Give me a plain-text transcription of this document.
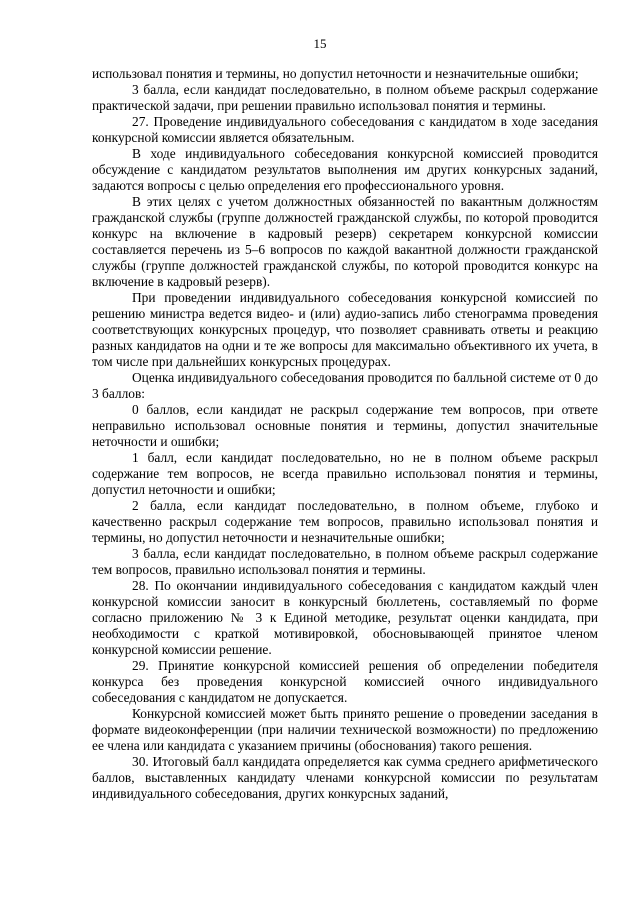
15

использовал понятия и термины, но допустил неточности и незначительные ошибки;

3 балла, если кандидат последовательно, в полном объеме раскрыл содержание практической задачи, при решении правильно использовал понятия и термины.

27. Проведение индивидуального собеседования с кандидатом в ходе заседания конкурсной комиссии является обязательным.

В ходе индивидуального собеседования конкурсной комиссией проводится обсуждение с кандидатом результатов выполнения им других конкурсных заданий, задаются вопросы с целью определения его профессионального уровня.

В этих целях с учетом должностных обязанностей по вакантным должностям гражданской службы (группе должностей гражданской службы, по которой проводится конкурс на включение в кадровый резерв) секретарем конкурсной комиссии составляется перечень из 5–6 вопросов по каждой вакантной должности гражданской службы (группе должностей гражданской службы, по которой проводится конкурс на включение в кадровый резерв).

При проведении индивидуального собеседования конкурсной комиссией по решению министра ведется видео- и (или) аудио-запись либо стенограмма проведения соответствующих конкурсных процедур, что позволяет сравнивать ответы и реакцию разных кандидатов на одни и те же вопросы для максимально объективного их учета, в том числе при дальнейших конкурсных процедурах.

Оценка индивидуального собеседования проводится по балльной системе от 0 до 3 баллов:

0 баллов, если кандидат не раскрыл содержание тем вопросов, при ответе неправильно использовал основные понятия и термины, допустил значительные неточности и ошибки;

1 балл, если кандидат последовательно, но не в полном объеме раскрыл содержание тем вопросов, не всегда правильно использовал понятия и термины, допустил неточности и ошибки;

2 балла, если кандидат последовательно, в полном объеме, глубоко и качественно раскрыл содержание тем вопросов, правильно использовал понятия и термины, но допустил неточности и незначительные ошибки;

3 балла, если кандидат последовательно, в полном объеме раскрыл содержание тем вопросов, правильно использовал понятия и термины.

28. По окончании индивидуального собеседования с кандидатом каждый член конкурсной комиссии заносит в конкурсный бюллетень, составляемый по форме согласно приложению № 3 к Единой методике, результат оценки кандидата, при необходимости с краткой мотивировкой, обосновывающей принятое членом конкурсной комиссии решение.

29. Принятие конкурсной комиссией решения об определении победителя конкурса без проведения конкурсной комиссией очного индивидуального собеседования с кандидатом не допускается.

Конкурсной комиссией может быть принято решение о проведении заседания в формате видеоконференции (при наличии технической возможности) по предложению ее члена или кандидата с указанием причины (обоснования) такого решения.

30. Итоговый балл кандидата определяется как сумма среднего арифметического баллов, выставленных кандидату членами конкурсной комиссии по результатам индивидуального собеседования, других конкурсных заданий,
